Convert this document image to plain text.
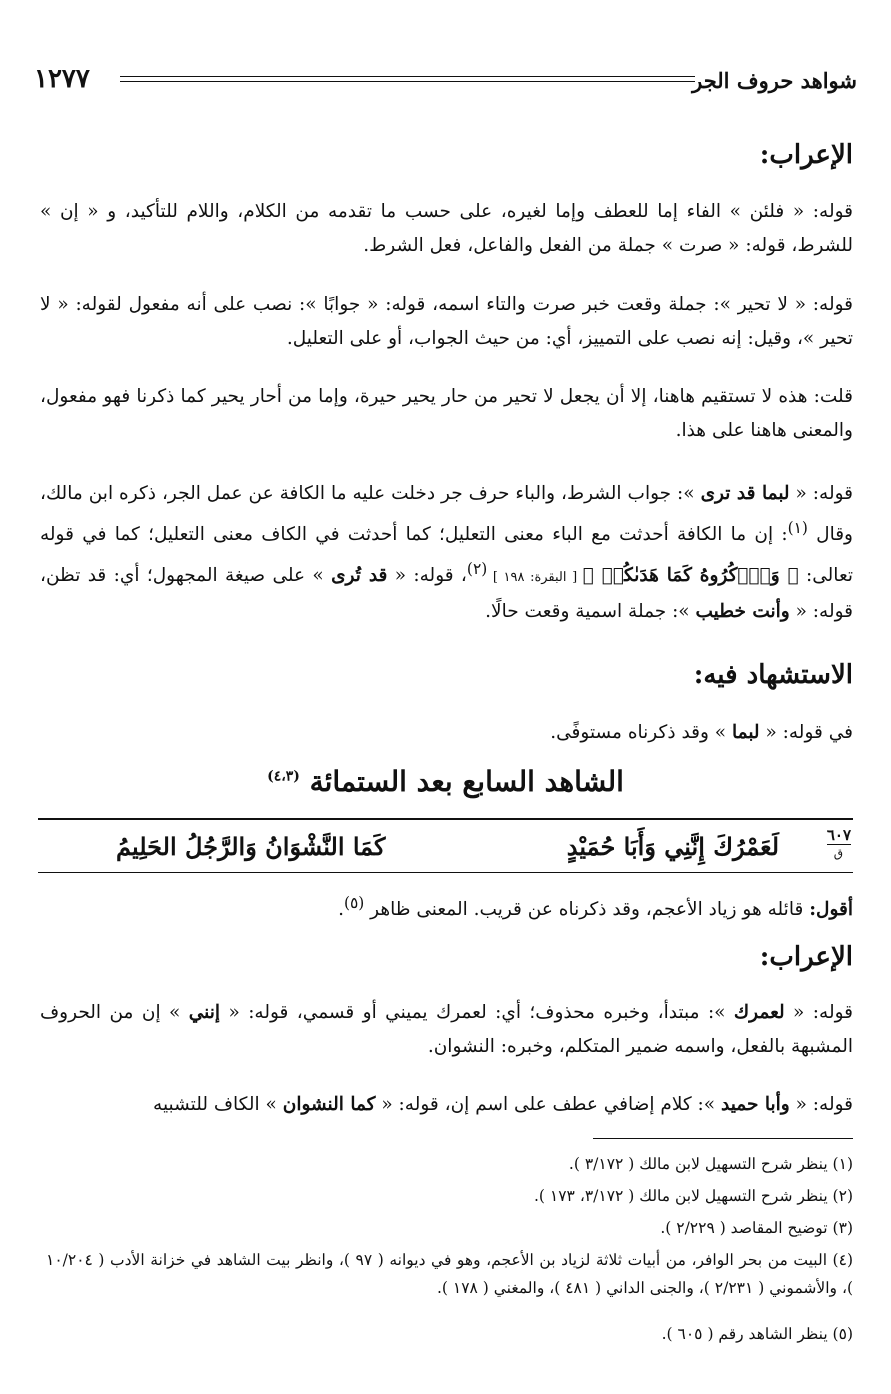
شواهد حروف الجر
١٢٧٧
الإعراب:

قوله: « فلئن » الفاء إما للعطف وإما لغيره، على حسب ما تقدمه من الكلام، واللام للتأكيد، و « إن » للشرط، قوله: « صرت » جملة من الفعل والفاعل، فعل الشرط.

قوله: « لا تحير »: جملة وقعت خبر صرت والتاء اسمه، قوله: « جوابًا »: نصب على أنه مفعول لقوله: « لا تحير »، وقيل: إنه نصب على التمييز، أي: من حيث الجواب، أو على التعليل.

قلت: هذه لا تستقيم هاهنا، إلا أن يجعل لا تحير من حار يحير حيرة، وإما من أحار يحير كما ذكرنا فهو مفعول، والمعنى هاهنا على هذا.

قوله: « لبما قد ترى »: جواب الشرط، والباء حرف جر دخلت عليه ما الكافة عن عمل الجر، ذكره ابن مالك، وقال $^{(١)}$: إن ما الكافة أحدثت مع الباء معنى التعليل؛ كما أحدثت في الكاف معنى التعليل؛ كما في قوله تعالى: ﴿ وَٱذۡكُرُوهُ كَمَا هَدَىٰكُمۡ ﴾ [ البقرة: ١٩٨ ] $^{(٢)}$، قوله: « قد تُرى » على صيغة المجهول؛ أي: قد تظن، قوله: « وأنت خطيب »: جملة اسمية وقعت حالًا.

الاستشهاد فيه:

في قوله: « لبما » وقد ذكرناه مستوفًى.

الشاهد السابع بعد الستمائة $^{(٤،٣)}$
٦٠٧
ق
لَعَمْرُكَ إِنَّنِي وَأَبَا حُمَيْدٍ
كَمَا النَّشْوَانُ وَالرَّجُلُ الحَلِيمُ

أقول: قائله هو زياد الأعجم، وقد ذكرناه عن قريب. المعنى ظاهر $^{(٥)}$.

الإعراب:

قوله: « لعمرك »: مبتدأ، وخبره محذوف؛ أي: لعمرك يميني أو قسمي، قوله: « إنني » إن من الحروف المشبهة بالفعل، واسمه ضمير المتكلم، وخبره: النشوان.

قوله: « وأبا حميد »: كلام إضافي عطف على اسم إن، قوله: « كما النشوان » الكاف للتشبيه

(١) ينظر شرح التسهيل لابن مالك ( ٣/١٧٢ ).

(٢) ينظر شرح التسهيل لابن مالك ( ٣/١٧٢، ١٧٣ ).

(٣) توضيح المقاصد ( ٢/٢٢٩ ).

(٤) البيت من بحر الوافر، من أبيات ثلاثة لزياد بن الأعجم، وهو في ديوانه ( ٩٧ )، وانظر بيت الشاهد في خزانة الأدب ( ١٠/٢٠٤ )، والأشموني ( ٢/٢٣١ )، والجنى الداني ( ٤٨١ )، والمغني ( ١٧٨ ).

(٥) ينظر الشاهد رقم ( ٦٠٥ ).
